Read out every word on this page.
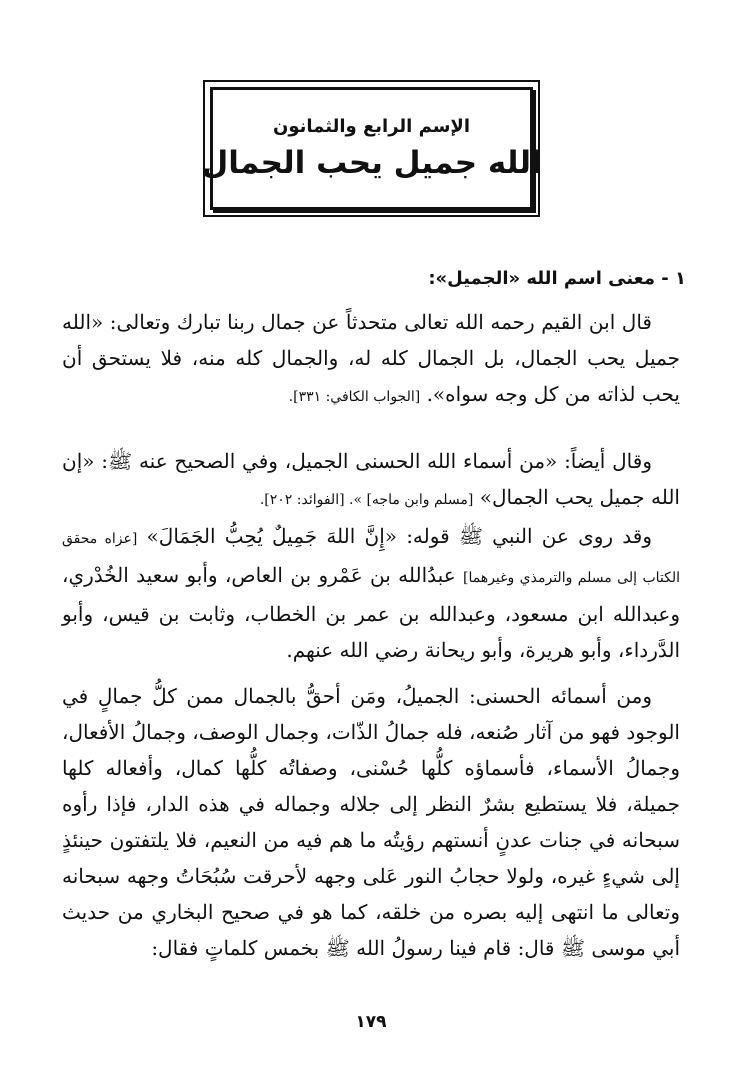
الإسم الرابع والثمانون
الله جميل يحب الجمال
١ - معنى اسم الله «الجميل»:
قال ابن القيم رحمه الله تعالى متحدثاً عن جمال ربنا تبارك وتعالى: «الله جميل يحب الجمال، بل الجمال كله له، والجمال كله منه، فلا يستحق أن يحب لذاته من كل وجه سواه». [الجواب الكافي: ٣٣١].
وقال أيضاً: «من أسماء الله الحسنى الجميل، وفي الصحيح عنه ﷺ: «إن الله جميل يحب الجمال» [مسلم وابن ماجه] ». [الفوائد: ٢٠٢].
وقد روى عن النبي ﷺ قوله: «إِنَّ اللهَ جَمِيلٌ يُحِبُّ الجَمَالَ» [عزاه محقق الكتاب إلى مسلم والترمذي وغيرهما] عبدُالله بن عَمْرو بن العاص، وأبو سعيد الخُدْري، وعبدالله ابن مسعود، وعبدالله بن عمر بن الخطاب، وثابت بن قيس، وأبو الدَّرداء، وأبو هريرة، وأبو ريحانة رضي الله عنهم.
ومن أسمائه الحسنى: الجميلُ، ومَن أحقُّ بالجمال ممن كلُّ جمالٍ في الوجود فهو من آثار صُنعه، فله جمالُ الذّات، وجمال الوصف، وجمالُ الأفعال، وجمالُ الأسماء، فأسماؤه كلُّها حُسْنى، وصفاتُه كلُّها كمال، وأفعاله كلها جميلة، فلا يستطيع بشرٌ النظر إلى جلاله وجماله في هذه الدار، فإذا رأوه سبحانه في جنات عدنٍ أنستهم رؤيتُه ما هم فيه من النعيم، فلا يلتفتون حينئذٍ إلى شيءٍ غيره، ولولا حجابُ النور عَلى وجهه لأحرقت سُبُحَاتُ وجهه سبحانه وتعالى ما انتهى إليه بصره من خلقه، كما هو في صحيح البخاري من حديث أبي موسى ﷺ قال: قام فينا رسولُ الله ﷺ بخمس كلماتٍ فقال:
١٧٩
